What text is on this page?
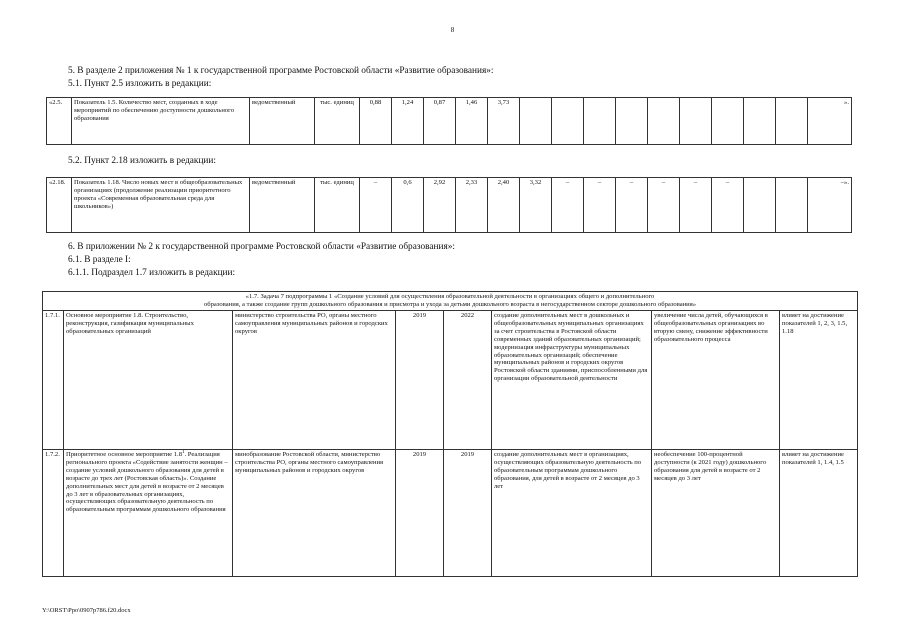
8
5. В разделе 2 приложения № 1 к государственной программе Ростовской области «Развитие образования»:
5.1. Пункт 2.5 изложить в редакции:
«2.5.	Показатель 1.5. Количество мест, созданных в ходе мероприятий по обеспечению доступности дошкольного образования	ведомственный	тыс. единиц	0,88	1,24	0,87	1,46	3,73										».
5.2. Пункт 2.18 изложить в редакции:
«2.18.	Показатель 1.18. Число новых мест в общеобразовательных организациях (продолжение реализации приоритетного проекта «Современная образовательная среда для школьников»)	ведомственный	тыс. единиц	–	0,6	2,92	2,33	2,40	3,32	–	–	–	–	–	–			–».
6. В приложении № 2 к государственной программе Ростовской области «Развитие образования»:
6.1. В разделе I:
6.1.1. Подраздел 1.7 изложить в редакции:
«1.7. Задача 7 подпрограммы 1 «Создание условий для осуществления образовательной деятельности в организациях общего и дополнительного
образования, а также создание групп дошкольного образования и присмотра и ухода за детьми дошкольного возраста в негосударственном секторе дошкольного образования»							

1.7.1.	Основное мероприятие 1.8. Строительство, реконструкция, газификация муниципальных образовательных организаций	министерство строительства РО, органы местного самоуправления муниципальных районов и городских округов	2019	2022	создание дополнительных мест в дошкольных и общеобразовательных муниципальных организациях за счет строительства в Ростовской области современных зданий образовательных организаций; модернизация инфраструктуры муниципальных образовательных организаций; обеспечение муниципальных районов и городских округов Ростовской области зданиями, приспособленными для организации образовательной деятельности	увеличение числа детей, обучающихся в общеобразовательных организациях во вторую смену, снижение эффективности образовательного процесса	влияет на достижение показателей 1, 2, 3, 1.5, 1.18
1.7.2.	Приоритетное основное мероприятие $1.8^1$. Реализация регионального проекта «Содействие занятости женщин – создание условий дошкольного образования для детей в возрасте до трех лет (Ростовская область)». Создание дополнительных мест для детей в возрасте от 2 месяцев до 3 лет в образовательных организациях, осуществляющих образовательную деятельность по образовательным программам дошкольного образования	минобразование Ростовской области, министерство строительства РО, органы местного самоуправления муниципальных районов и городских округов	2019	2019	создание дополнительных мест в организациях, осуществляющих образовательную деятельность по образовательным программам дошкольного образования, для детей в возрасте от 2 месяцев до 3 лет	необеспечение 100-процентной доступности (к 2021 году) дошкольного образования для детей в возрасте от 2 месяцев до 3 лет	влияет на достижение показателей 1, 1.4, 1.5
Y:\ORST\Ppo\0907p786.f20.docx
